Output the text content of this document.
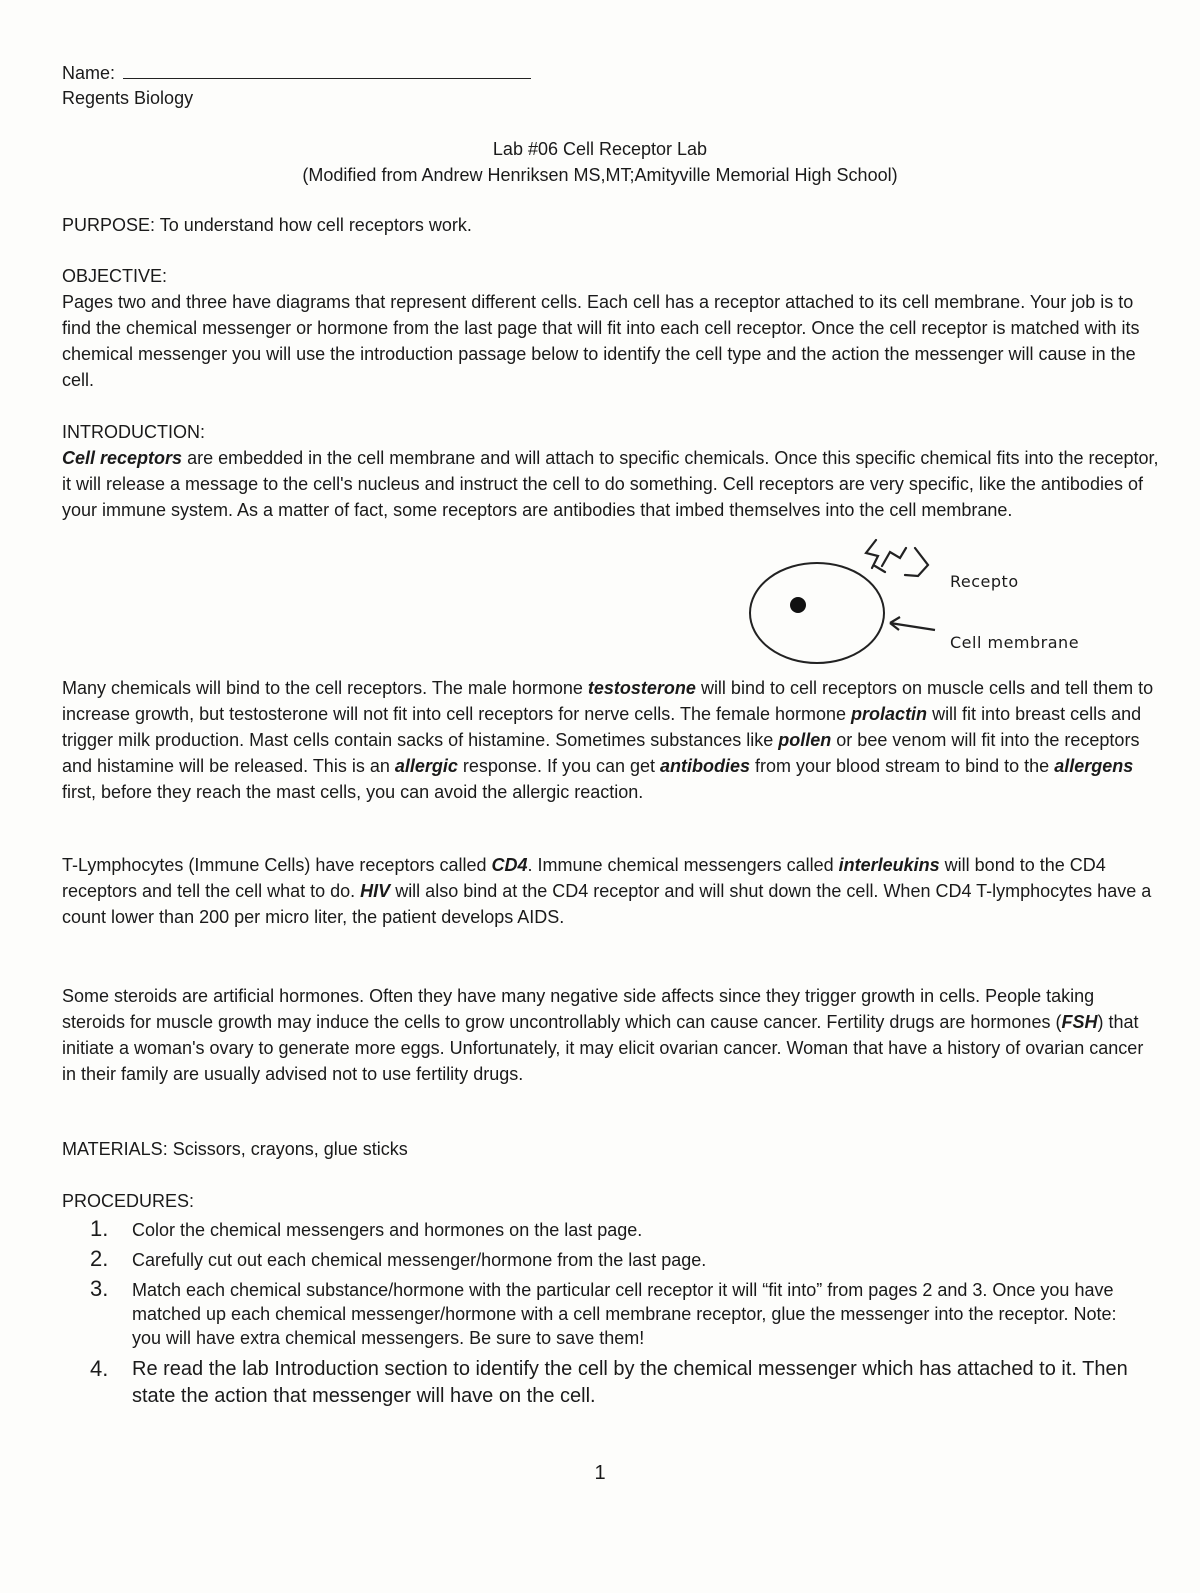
Name:
Regents Biology
Lab #06 Cell Receptor Lab
(Modified from Andrew Henriksen MS,MT;Amityville Memorial High School)
PURPOSE: To understand how cell receptors work.

OBJECTIVE:

Pages two and three have diagrams that represent different cells. Each cell has a receptor attached to its cell membrane. Your job is to find the chemical messenger or hormone from the last page that will fit into each cell receptor. Once the cell receptor is matched with its chemical messenger you will use the introduction passage below to identify the cell type and the action the messenger will cause in the cell.

INTRODUCTION:

Cell receptors are embedded in the cell membrane and will attach to specific chemicals. Once this specific chemical fits into the receptor, it will release a message to the cell's nucleus and instruct the cell to do something. Cell receptors are very specific, like the antibodies of your immune system. As a matter of fact, some receptors are antibodies that imbed themselves into the cell membrane.

Recepto
Cell membrane

Many chemicals will bind to the cell receptors. The male hormone testosterone will bind to cell receptors on muscle cells and tell them to increase growth, but testosterone will not fit into cell receptors for nerve cells. The female hormone prolactin will fit into breast cells and trigger milk production. Mast cells contain sacks of histamine. Sometimes substances like pollen or bee venom will fit into the receptors and histamine will be released. This is an allergic response. If you can get antibodies from your blood stream to bind to the allergens first, before they reach the mast cells, you can avoid the allergic reaction.

T-Lymphocytes (Immune Cells) have receptors called CD4. Immune chemical messengers called interleukins will bond to the CD4 receptors and tell the cell what to do. HIV will also bind at the CD4 receptor and will shut down the cell. When CD4 T-lymphocytes have a count lower than 200 per micro liter, the patient develops AIDS.

Some steroids are artificial hormones. Often they have many negative side affects since they trigger growth in cells. People taking steroids for muscle growth may induce the cells to grow uncontrollably which can cause cancer. Fertility drugs are hormones (FSH) that initiate a woman's ovary to generate more eggs. Unfortunately, it may elicit ovarian cancer. Woman that have a history of ovarian cancer in their family are usually advised not to use fertility drugs.

MATERIALS: Scissors, crayons, glue sticks
PROCEDURES:
1. Color the chemical messengers and hormones on the last page.
2. Carefully cut out each chemical messenger/hormone from the last page.
3. Match each chemical substance/hormone with the particular cell receptor it will “fit into” from pages 2 and 3. Once you have matched up each chemical messenger/hormone with a cell membrane receptor, glue the messenger into the receptor. Note: you will have extra chemical messengers. Be sure to save them!
4. Re read the lab Introduction section to identify the cell by the chemical messenger which has attached to it. Then state the action that messenger will have on the cell.
1
